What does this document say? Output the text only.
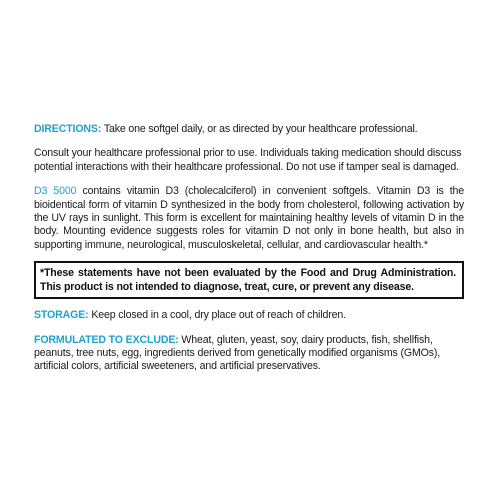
DIRECTIONS: Take one softgel daily, or as directed by your healthcare professional.

Consult your healthcare professional prior to use. Individuals taking medication should discuss potential interactions with their healthcare professional. Do not use if tamper seal is damaged.

D3 5000 contains vitamin D3 (cholecalciferol) in convenient softgels. Vitamin D3 is the bioidentical form of vitamin D synthesized in the body from cholesterol, following activation by the UV rays in sunlight. This form is excellent for maintaining healthy levels of vitamin D in the body. Mounting evidence suggests roles for vitamin D not only in bone health, but also in supporting immune, neurological, musculoskeletal, cellular, and cardiovascular health.*

*These statements have not been evaluated by the Food and Drug Administration. This product is not intended to diagnose, treat, cure, or prevent any disease.

STORAGE: Keep closed in a cool, dry place out of reach of children.

FORMULATED TO EXCLUDE: Wheat, gluten, yeast, soy, dairy products, fish, shellfish, peanuts, tree nuts, egg, ingredients derived from genetically modified organisms (GMOs), artificial colors, artificial sweeteners, and artificial preservatives.
